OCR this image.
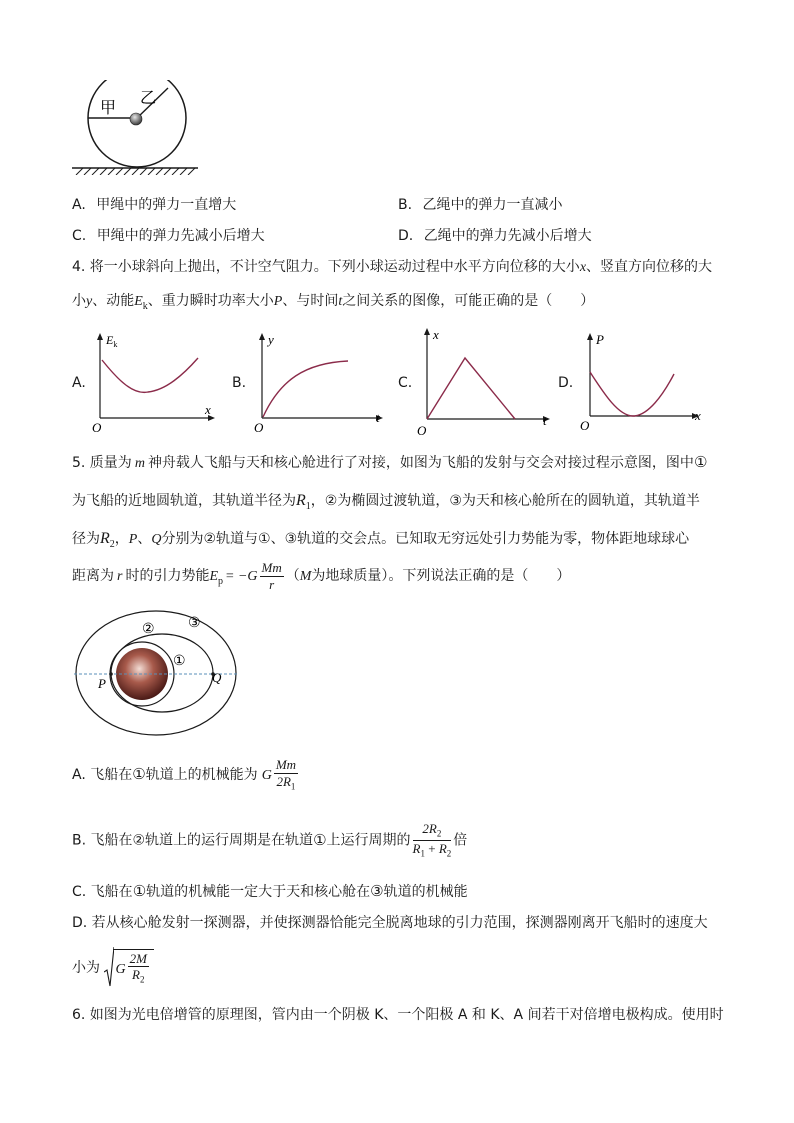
甲
乙
A. 甲绳中的弹力一直增大	B. 乙绳中的弹力一直减小
C. 甲绳中的弹力先减小后增大	D. 乙绳中的弹力先减小后增大
4. 将一小球斜向上抛出，不计空气阻力。下列小球运动过程中水平方向位移的大小x、竖直方向位移的大
小y、动能$E_k$、重力瞬时功率大小P、与时间t之间关系的图像，可能正确的是（　　）
A.
$E_k$
x
O
B.
y
t
O
C.
x
t
O
D.
P
x
O
5. 质量为 m 神舟载人飞船与天和核心舱进行了对接，如图为飞船的发射与交会对接过程示意图，图中①
为飞船的近地圆轨道，其轨道半径为$R_1$，②为椭圆过渡轨道，③为天和核心舱所在的圆轨道，其轨道半
径为$R_2$，P、Q分别为②轨道与①、③轨道的交会点。已知取无穷远处引力势能为零，物体距地球球心
距离为 r 时的引力势能$E_p = -G \frac{Mm}{r} (M$为地球质量）。下列说法正确的是（　　）
①
② ③
P	Q
A. 飞船在①轨道上的机械能为 G $\frac{Mm}{2R_1}$
B. 飞船在②轨道上的运行周期是在轨道①上运行周期的 $\frac{2R_2}{R_1 + R_2}$ 倍
C. 飞船在①轨道的机械能一定大于天和核心舱在③轨道的机械能
D. 若从核心舱发射一探测器，并使探测器恰能完全脱离地球的引力范围，探测器刚离开飞船时的速度大
小为 G $\frac{2M}{R_2}$
6. 如图为光电倍增管的原理图，管内由一个阴极 K、一个阳极 A 和 K、A 间若干对倍增电极构成。使用时
